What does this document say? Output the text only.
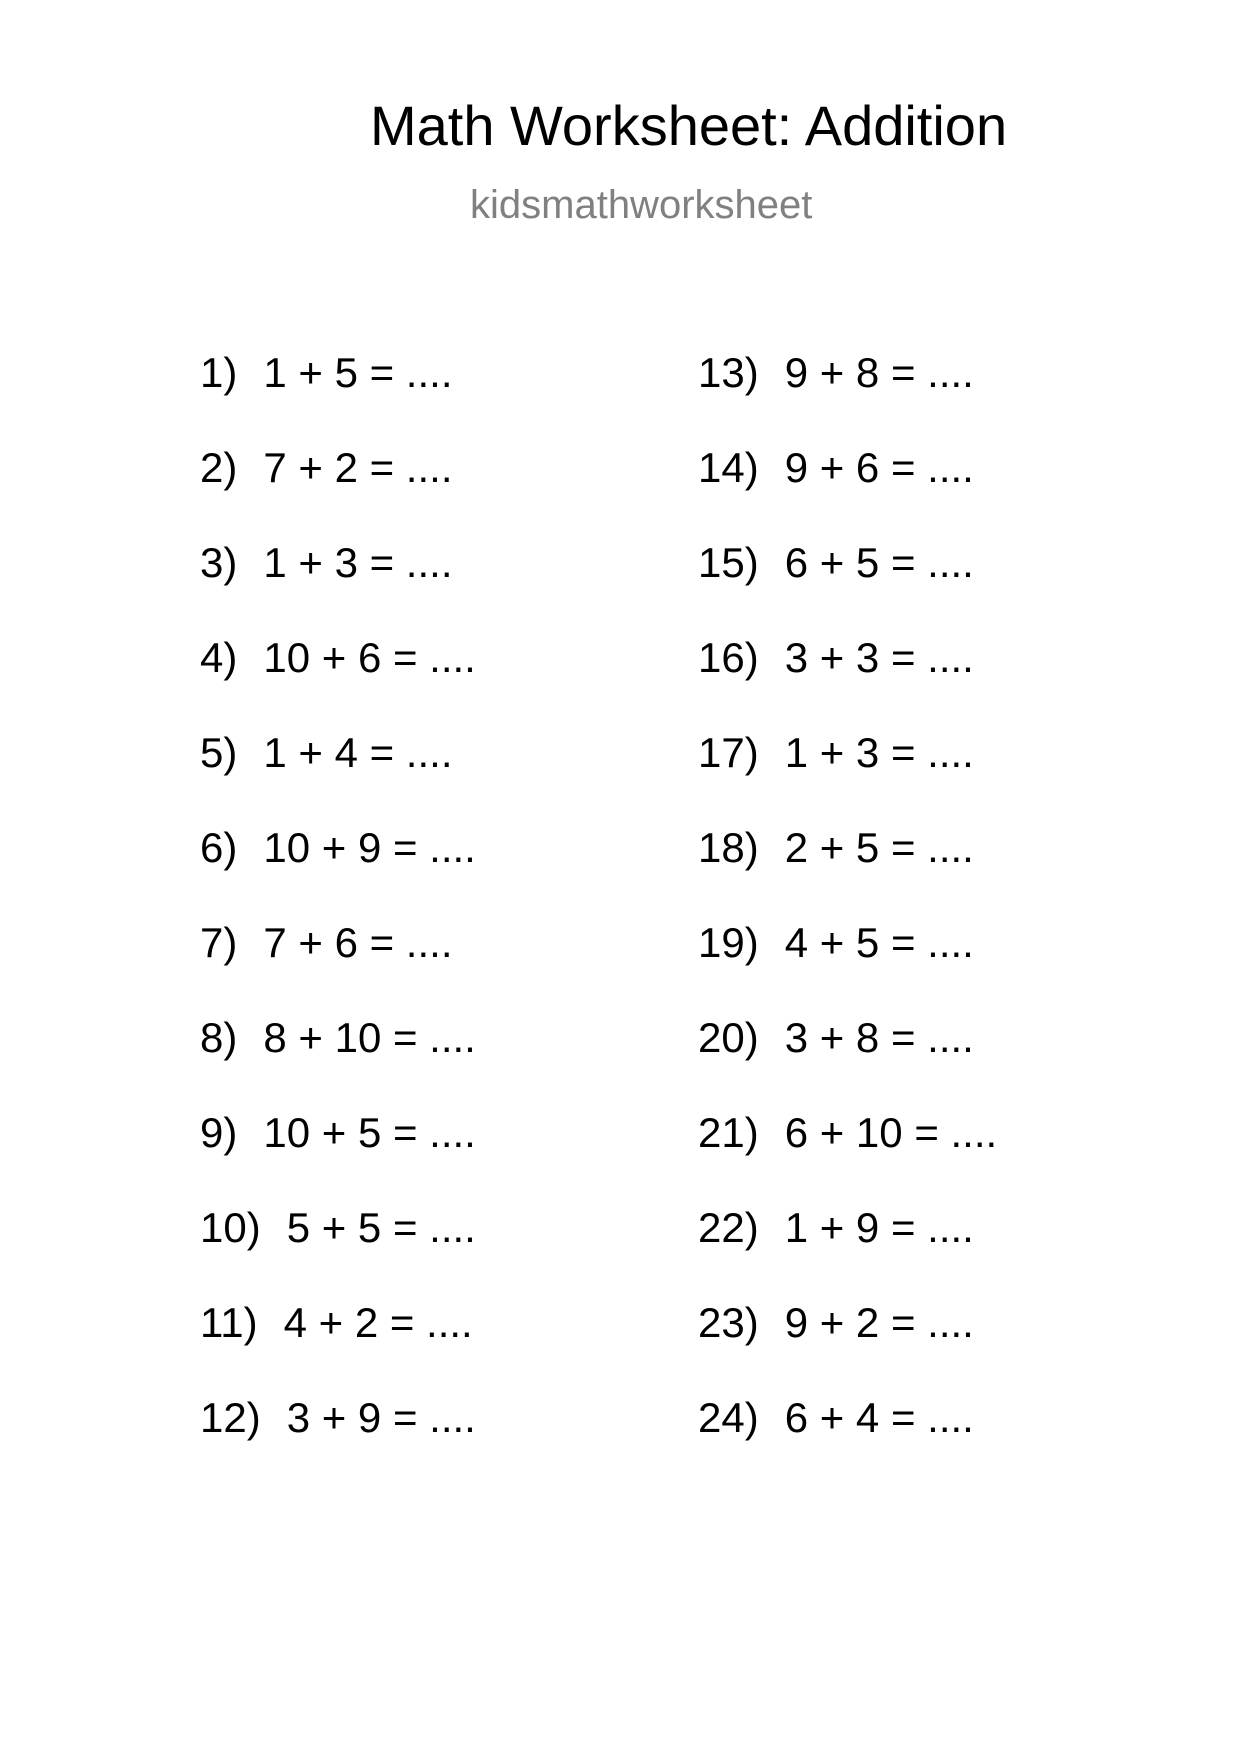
Math Worksheet: Addition
kidsmathworksheet
1) 1 + 5 = ....
2) 7 + 2 = ....
3) 1 + 3 = ....
4) 10 + 6 = ....
5) 1 + 4 = ....
6) 10 + 9 = ....
7) 7 + 6 = ....
8) 8 + 10 = ....
9) 10 + 5 = ....
10) 5 + 5 = ....
11) 4 + 2 = ....
12) 3 + 9 = ....
13) 9 + 8 = ....
14) 9 + 6 = ....
15) 6 + 5 = ....
16) 3 + 3 = ....
17) 1 + 3 = ....
18) 2 + 5 = ....
19) 4 + 5 = ....
20) 3 + 8 = ....
21) 6 + 10 = ....
22) 1 + 9 = ....
23) 9 + 2 = ....
24) 6 + 4 = ....
